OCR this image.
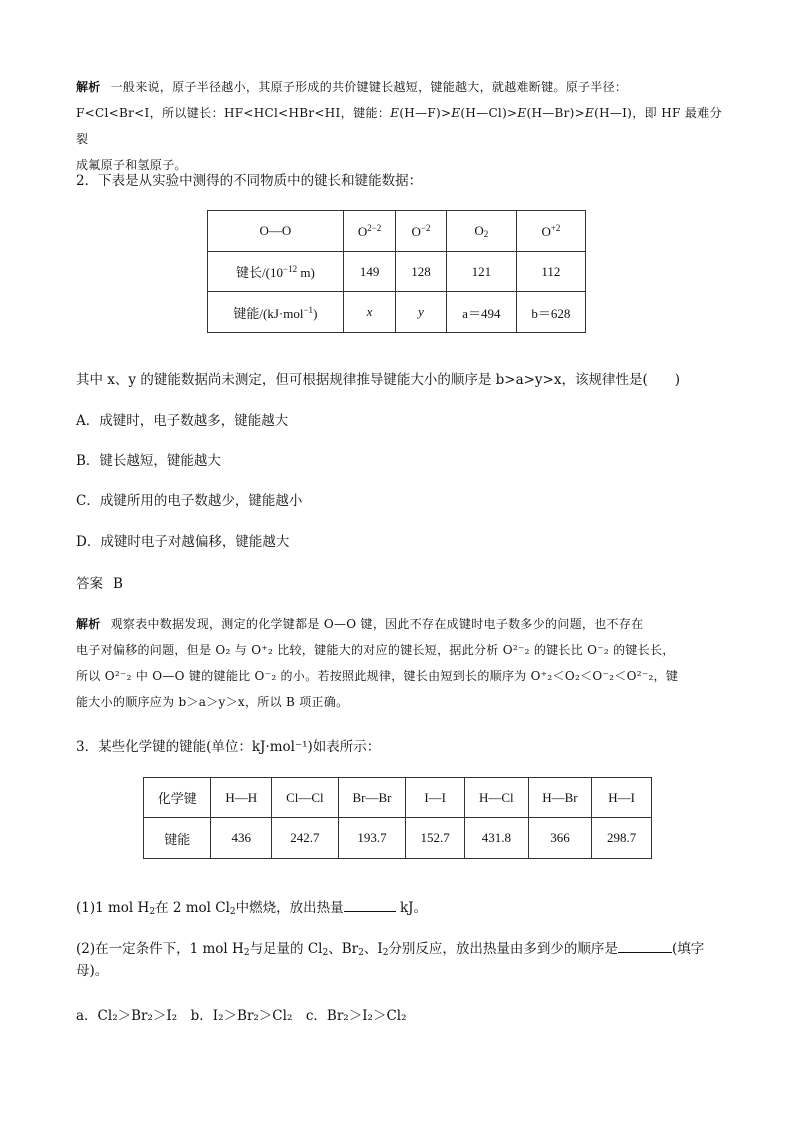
解析 一般来说，原子半径越小，其原子形成的共价键键长越短，键能越大，就越难断键。原子半径：
F<Cl<Br<I，所以键长：HF<HCl<HBr<HI，键能：E(H—F)>E(H—Cl)>E(H—Br)>E(H—I)，即 HF 最难分裂
成氟原子和氢原子。
2．下表是从实验中测得的不同物质中的键长和键能数据：
O—O	$O^{2-2}$	$O^{-2}$	$O_2$	$O^{+2}$
键长$/(10^{-12}$ m)	149	128	121	112
键能/(kJ·mol$^{-1}$)	x	y	a＝494	b＝628
其中 x、y 的键能数据尚未测定，但可根据规律推导键能大小的顺序是 b>a>y>x，该规律性是(　　)
A．成键时，电子数越多，键能越大
B．键长越短，键能越大
C．成键所用的电子数越少，键能越小
D．成键时电子对越偏移，键能越大
答案 B
解析 观察表中数据发现，测定的化学键都是 O—O 键，因此不存在成键时电子数多少的问题，也不存在
电子对偏移的问题，但是 O₂ 与 O⁺₂ 比较，键能大的对应的键长短，据此分析 O²⁻₂ 的键长比 O⁻₂ 的键长长，
所以 O²⁻₂ 中 O—O 键的键能比 O⁻₂ 的小。若按照此规律，键长由短到长的顺序为 O⁺₂＜O₂＜O⁻₂＜O²⁻₂，键
能大小的顺序应为 b＞a＞y＞x，所以 B 项正确。
3．某些化学键的键能(单位：kJ·mol⁻¹)如表所示：
化学键	H—H	Cl—Cl	Br—Br	I—I	H—Cl	H—Br	H—I
键能	436	242.7	193.7	152.7	431.8	366	298.7
(1)1 mol $H_2$在 2 mol $Cl_2$中燃烧，放出热量	kJ。
(2)在一定条件下，1 mol $H_2$与足量的 $Cl_2$、$Br_2$、$I_2$分别反应，放出热量由多到少的顺序是	(填字
母)。
a．Cl₂＞Br₂＞I₂　b．I₂＞Br₂＞Cl₂　c．Br₂＞I₂＞Cl₂
